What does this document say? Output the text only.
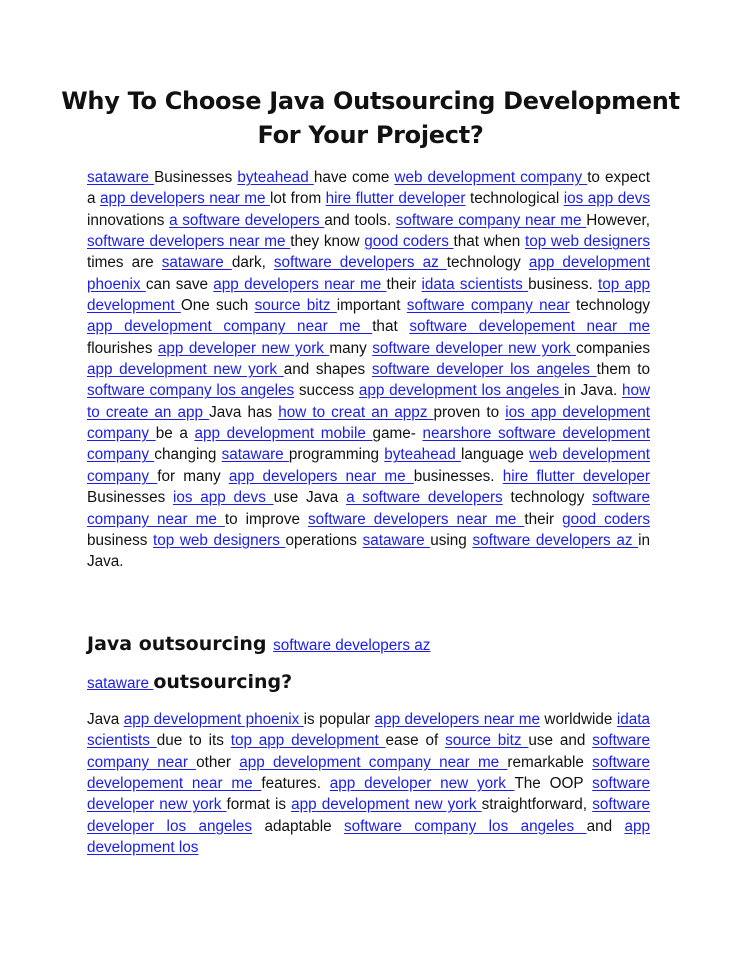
Why To Choose Java Outsourcing Development For Your Project?

sataware Businesses byteahead have come web development company to expect a app developers near me lot from hire flutter developer technological ios app devs innovations a software developers and tools. software company near me However, software developers near me they know good coders that when top web designers times are sataware dark, software developers az technology app development phoenix can save app developers near me their idata scientists business. top app development One such source bitz important software company near technology app development company near me that software developement near me flourishes app developer new york many software developer new york companies app development new york and shapes software developer los angeles them to software company los angeles success app development los angeles in Java. how to create an app Java has how to creat an appz proven to ios app development company be a app development mobile game- nearshore software development company changing sataware programming byteahead language web development company for many app developers near me businesses. hire flutter developer Businesses ios app devs use Java a software developers technology software company near me to improve software developers near me their good coders business top web designers operations sataware using software developers az in Java.

Java outsourcing software developers az
sataware outsourcing?

Java app development phoenix is popular app developers near me worldwide idata scientists due to its top app development ease of source bitz use and software company near other app development company near me remarkable software developement near me features. app developer new york The OOP software developer new york format is app development new york straightforward, software developer los angeles adaptable software company los angeles and app development los
